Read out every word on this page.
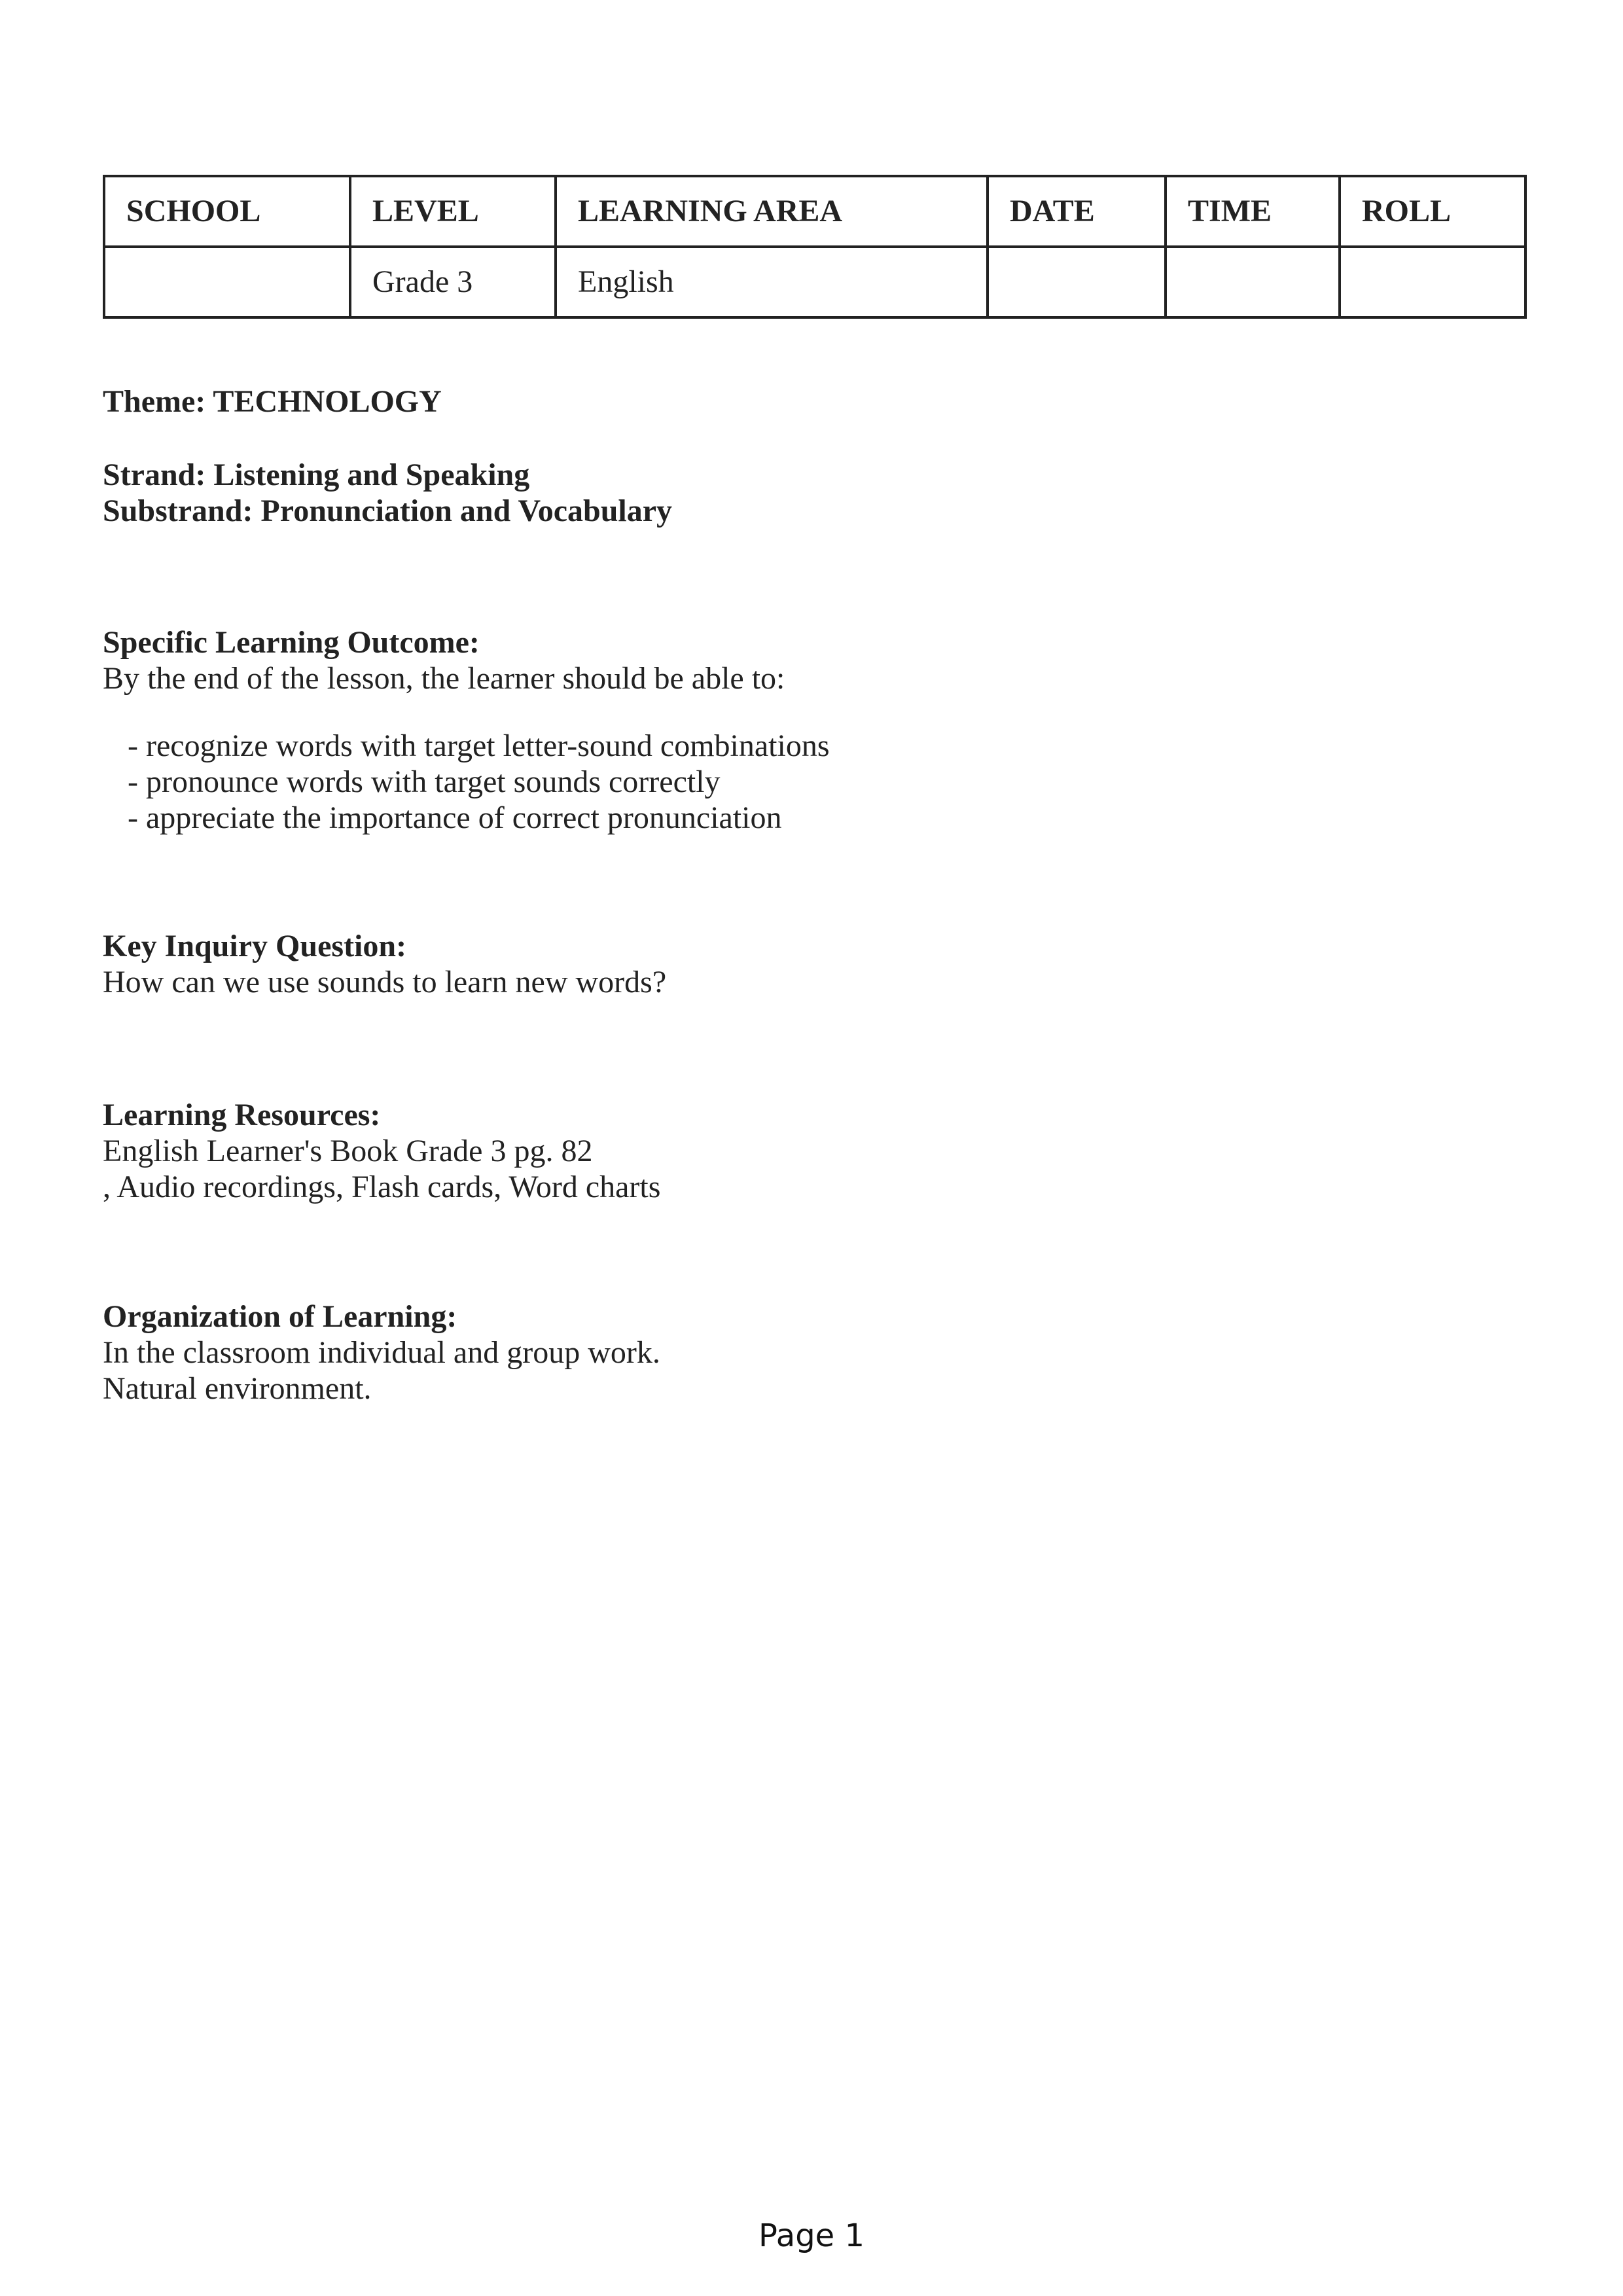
SCHOOL	LEVEL	LEARNING AREA	DATE	TIME	ROLL
	Grade 3	English			
Theme: TECHNOLOGY
Strand: Listening and Speaking
Substrand: Pronunciation and Vocabulary
Specific Learning Outcome:
By the end of the lesson, the learner should be able to:
- recognize words with target letter-sound combinations
- pronounce words with target sounds correctly
- appreciate the importance of correct pronunciation
Key Inquiry Question:
How can we use sounds to learn new words?
Learning Resources:
English Learner's Book Grade 3 pg. 82
, Audio recordings, Flash cards, Word charts
Organization of Learning:
In the classroom individual and group work.
Natural environment.
Page 1
